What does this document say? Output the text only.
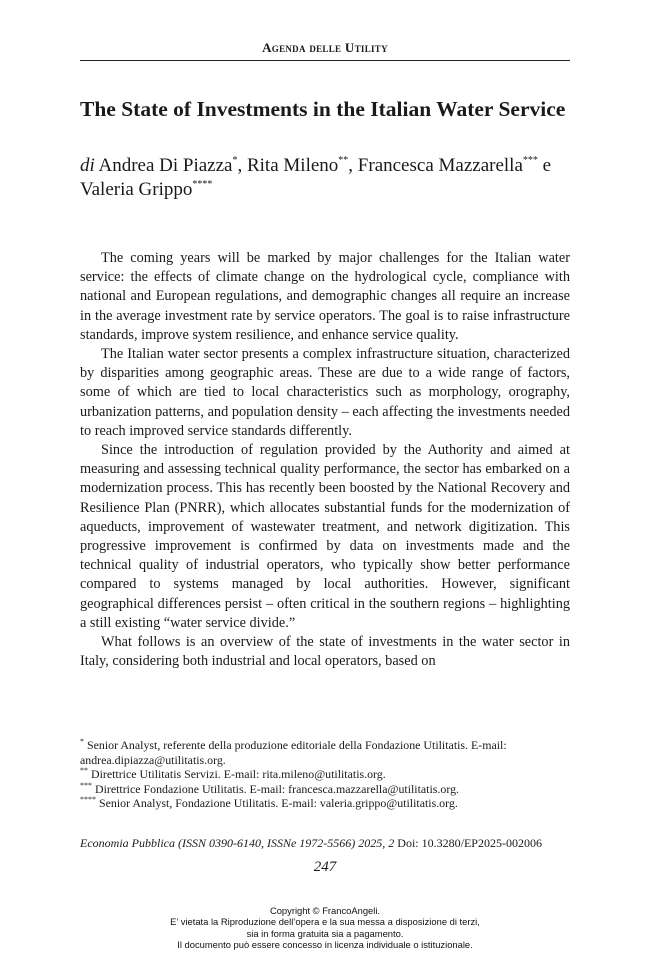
Agenda delle Utility
The State of Investments in the Italian Water Service

di Andrea Di Piazza*, Rita Mileno**, Francesca Mazzarella*** e Valeria Grippo****

The coming years will be marked by major challenges for the Italian water service: the effects of climate change on the hydrological cycle, compliance with national and European regulations, and demographic changes all require an increase in the average investment rate by service operators. The goal is to raise infrastructure standards, improve system resilience, and enhance service quality.

The Italian water sector presents a complex infrastructure situation, characterized by disparities among geographic areas. These are due to a wide range of factors, some of which are tied to local characteristics such as morphology, orography, urbanization patterns, and population density – each affecting the investments needed to reach improved service standards differently.

Since the introduction of regulation provided by the Authority and aimed at measuring and assessing technical quality performance, the sector has embarked on a modernization process. This has recently been boosted by the National Recovery and Resilience Plan (PNRR), which allocates substantial funds for the modernization of aqueducts, improvement of wastewater treatment, and network digitization. This progressive improvement is confirmed by data on investments made and the technical quality of industrial operators, who typically show better performance compared to systems managed by local authorities. However, significant geographical differences persist – often critical in the southern regions – highlighting a still existing “water service divide.”

What follows is an overview of the state of investments in the water sector in Italy, considering both industrial and local operators, based on

* Senior Analyst, referente della produzione editoriale della Fondazione Utilitatis. E-mail: andrea.dipiazza@utilitatis.org.

** Direttrice Utilitatis Servizi. E-mail: rita.mileno@utilitatis.org.

*** Direttrice Fondazione Utilitatis. E-mail: francesca.mazzarella@utilitatis.org.

**** Senior Analyst, Fondazione Utilitatis. E-mail: valeria.grippo@utilitatis.org.

Economia Pubblica (ISSN 0390-6140, ISSNe 1972-5566) 2025, 2 Doi: 10.3280/EP2025-002006
247
Copyright © FrancoAngeli.
E’ vietata la Riproduzione dell’opera e la sua messa a disposizione di terzi,
sia in forma gratuita sia a pagamento.
Il documento può essere concesso in licenza individuale o istituzionale.
